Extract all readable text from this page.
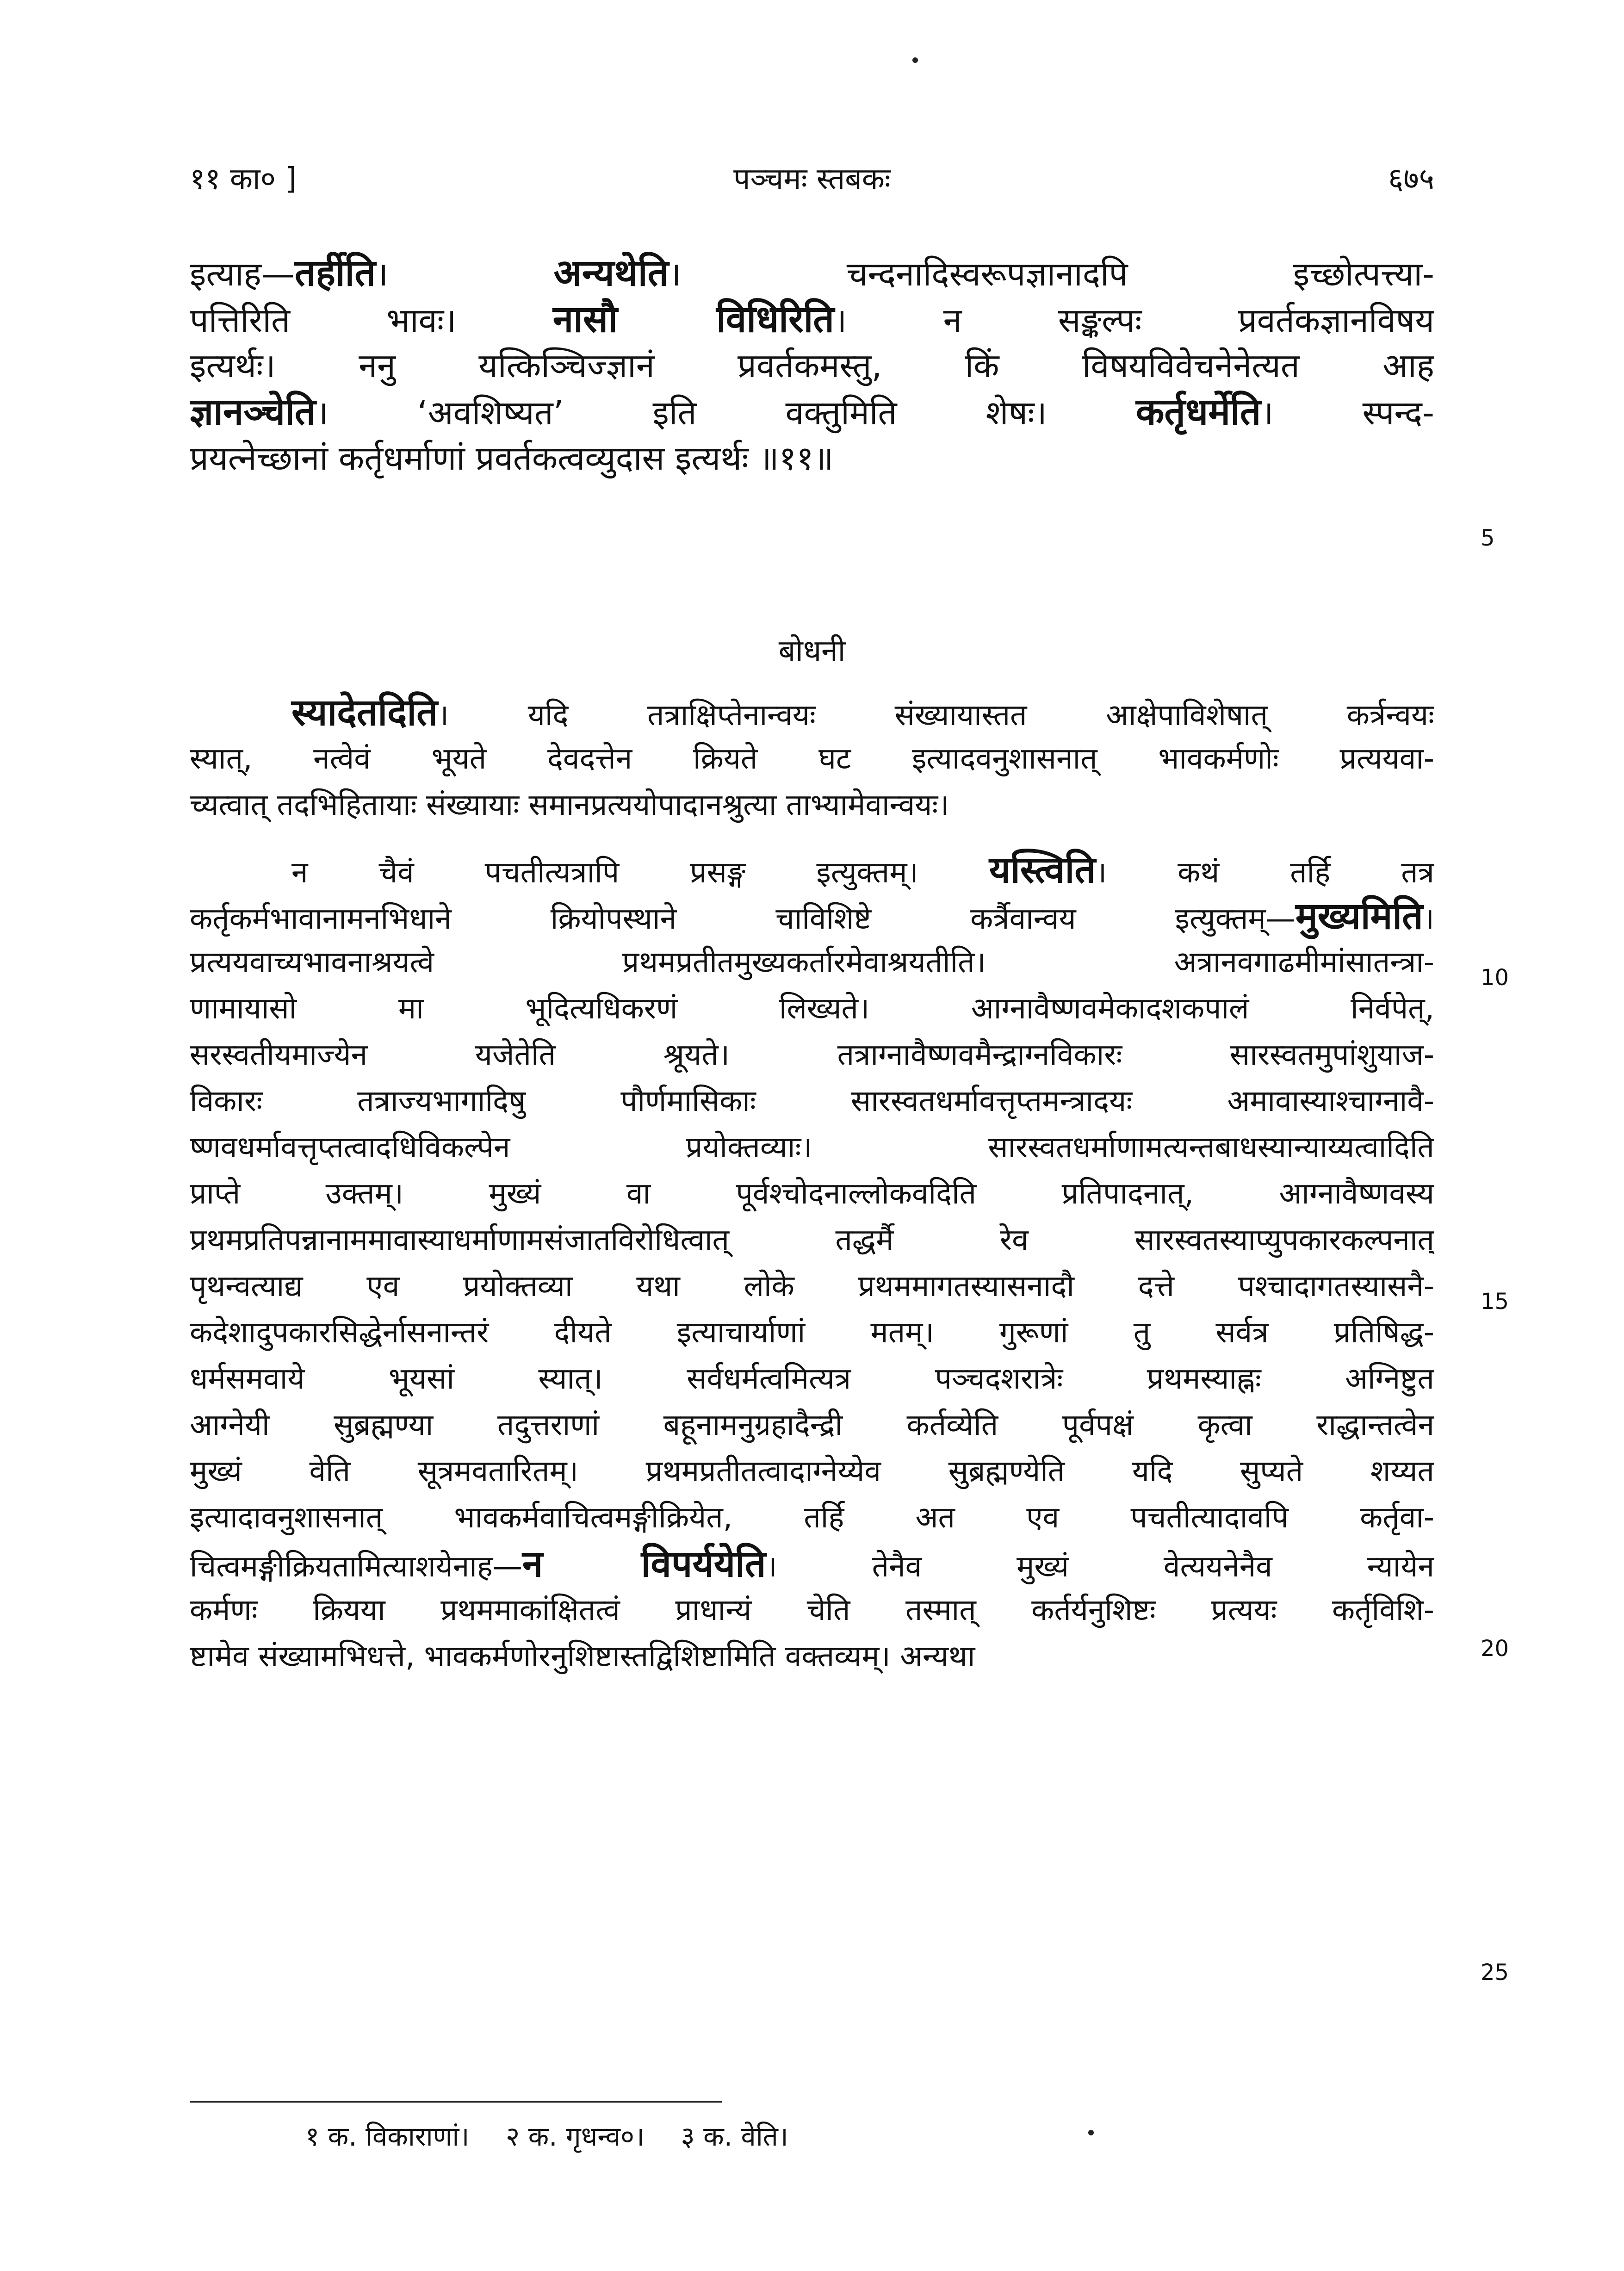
११ का० ]	पञ्चमः स्तबकः	६७५
इत्याह—तर्हीति। अन्यथेति। चन्दनादिस्वरूपज्ञानादपि इच्छोत्पत्त्या-
पत्तिरिति भावः। नासौ विधिरिति। न सङ्कल्पः प्रवर्तकज्ञानविषय
इत्यर्थः। ननु यत्किञ्चिज्ज्ञानं प्रवर्तकमस्तु, किं विषयविवेचनेनेत्यत आह
ज्ञानञ्चेति। ‘अवशिष्यत’ इति वक्तुमिति शेषः। कर्तृधर्मेति। स्पन्द-
प्रयत्नेच्छानां कर्तृधर्माणां प्रवर्तकत्वव्युदास इत्यर्थः ॥११॥
बोधनी
स्यादेतदिति। यदि तत्राक्षिप्तेनान्वयः संख्यायास्तत आक्षेपाविशेषात् कर्त्रन्वयः
स्यात्, नत्वेवं भूयते देवदत्तेन क्रियते घट इत्यादवनुशासनात् भावकर्मणोः प्रत्ययवा-
च्यत्वात् तदभिहितायाः संख्यायाः समानप्रत्ययोपादानश्रुत्या ताभ्यामेवान्वयः।
न चैवं पचतीत्यत्रापि प्रसङ्ग इत्युक्तम्। यस्त्विति। कथं तर्हि तत्र
कर्तृकर्मभावानामनभिधाने क्रियोपस्थाने चाविशिष्टे कर्त्रैवान्वय इत्युक्तम्—मुख्यमिति।
प्रत्ययवाच्यभावनाश्रयत्वे प्रथमप्रतीतमुख्यकर्तारमेवाश्रयतीति। अत्रानवगाढमीमांसातन्त्रा-
णामायासो मा भूदित्यधिकरणं लिख्यते। आग्नावैष्णवमेकादशकपालं निर्वपेत्,
सरस्वतीयमाज्येन यजेतेति श्रूयते। तत्राग्नावैष्णवमैन्द्राग्नविकारः सारस्वतमुपांशुयाज-
विकारः तत्राज्यभागादिषु पौर्णमासिकाः सारस्वतधर्मावत्तृप्तमन्त्रादयः अमावास्याश्चाग्नावै-
ष्णवधर्मावत्तृप्तत्वादधिविकल्पेन प्रयोक्तव्याः। सारस्वतधर्माणामत्यन्तबाधस्यान्याय्यत्वादिति
प्राप्ते उक्तम्। मुख्यं वा पूर्वश्चोदनाल्लोकवदिति प्रतिपादनात्, आग्नावैष्णवस्य
प्रथमप्रतिपन्नानाममावास्याधर्माणामसंजातविरोधित्वात् तद्धर्मै रेव सारस्वतस्याप्युपकारकल्पनात्
पृथन्वत्याद्य एव प्रयोक्तव्या यथा लोके प्रथममागतस्यासनादौ दत्ते पश्चादागतस्यासनै-
कदेशादुपकारसिद्धेर्नासनान्तरं दीयते इत्याचार्याणां मतम्। गुरूणां तु सर्वत्र प्रतिषिद्ध-
धर्मसमवाये भूयसां स्यात्। सर्वधर्मत्वमित्यत्र पञ्चदशरात्रेः प्रथमस्याह्नः अग्निष्टुत
आग्नेयी सुब्रह्मण्या तदुत्तराणां बहूनामनुग्रहादैन्द्री कर्तव्येति पूर्वपक्षं कृत्वा राद्धान्तत्वेन
मुख्यं वेति सूत्रमवतारितम्। प्रथमप्रतीतत्वादाग्नेय्येव सुब्रह्मण्येति यदि सुप्यते शय्यत
इत्यादावनुशासनात् भावकर्मवाचित्वमङ्गीक्रियेत, तर्हि अत एव पचतीत्यादावपि कर्तृवा-
चित्वमङ्गीक्रियतामित्याशयेनाह—न विपर्ययेति। तेनैव मुख्यं वेत्ययनेनैव न्यायेन
कर्मणः क्रियया प्रथममाकांक्षितत्वं प्राधान्यं चेति तस्मात् कर्तर्यनुशिष्टः प्रत्ययः कर्तृविशि-
ष्टामेव संख्यामभिधत्ते, भावकर्मणोरनुशिष्टास्तद्विशिष्टामिति वक्तव्यम्। अन्यथा
5
10
15
20
25
१ क. विकाराणां। २ क. गृधन्व०। ३ क. वेति।
